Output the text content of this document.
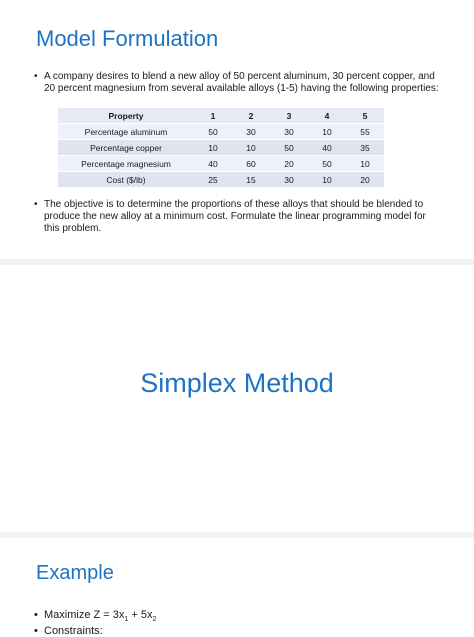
Model Formulation
• A company desires to blend a new alloy of 50 percent aluminum, 30 percent copper, and 20 percent magnesium from several available alloys (1-5) having the following properties:
Property	1	2	3	4	5
Percentage aluminum	50	30	30	10	55
Percentage copper	10	10	50	40	35
Percentage magnesium	40	60	20	50	10
Cost ($/lb)	25	15	30	10	20
• The objective is to determine the proportions of these alloys that should be blended to produce the new alloy at a minimum cost. Formulate the linear programming model for this problem.
Simplex Method
Example
• Maximize $Z = 3x_1 + 5x_2$
• Constraints:
